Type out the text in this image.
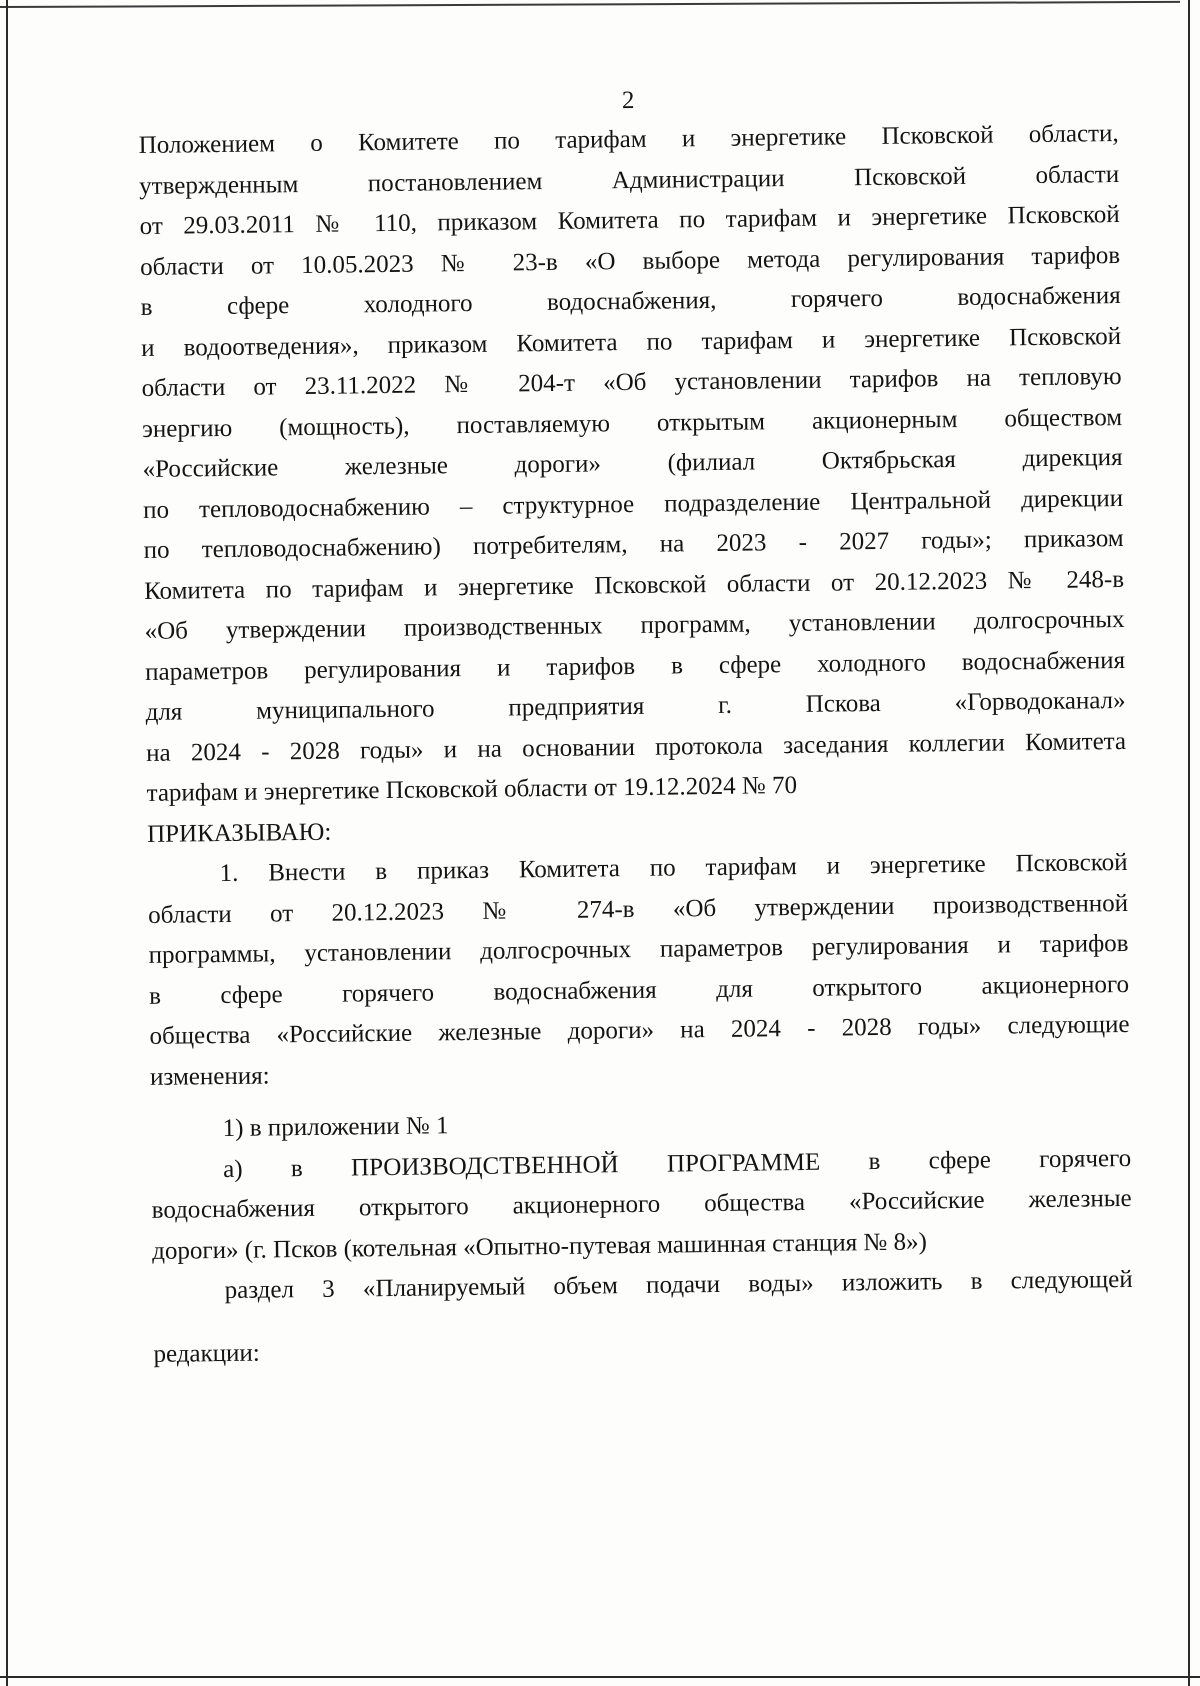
2
Положением о Комитете по тарифам и энергетике Псковской области,
утвержденным постановлением Администрации Псковской области
от 29.03.2011 № 110, приказом Комитета по тарифам и энергетике Псковской
области от 10.05.2023 № 23-в «О выборе метода регулирования тарифов
в сфере холодного водоснабжения, горячего водоснабжения
и водоотведения», приказом Комитета по тарифам и энергетике Псковской
области от 23.11.2022 № 204-т «Об установлении тарифов на тепловую
энергию (мощность), поставляемую открытым акционерным обществом
«Российские железные дороги» (филиал Октябрьская дирекция
по тепловодоснабжению – структурное подразделение Центральной дирекции
по тепловодоснабжению) потребителям, на 2023 - 2027 годы»; приказом
Комитета по тарифам и энергетике Псковской области от 20.12.2023 № 248-в
«Об утверждении производственных программ, установлении долгосрочных
параметров регулирования и тарифов в сфере холодного водоснабжения
для муниципального предприятия г. Пскова «Горводоканал»
на 2024 - 2028 годы» и на основании протокола заседания коллегии Комитета
тарифам и энергетике Псковской области от 19.12.2024 № 70
ПРИКАЗЫВАЮ:
1. Внести в приказ Комитета по тарифам и энергетике Псковской
области от 20.12.2023 № 274-в «Об утверждении производственной
программы, установлении долгосрочных параметров регулирования и тарифов
в сфере горячего водоснабжения для открытого акционерного
общества «Российские железные дороги» на 2024 - 2028 годы» следующие
изменения:
1) в приложении № 1
а) в ПРОИЗВОДСТВЕННОЙ ПРОГРАММЕ в сфере горячего
водоснабжения открытого акционерного общества «Российские железные
дороги» (г. Псков (котельная «Опытно-путевая машинная станция № 8»)
раздел 3 «Планируемый объем подачи воды» изложить в следующей
редакции:
